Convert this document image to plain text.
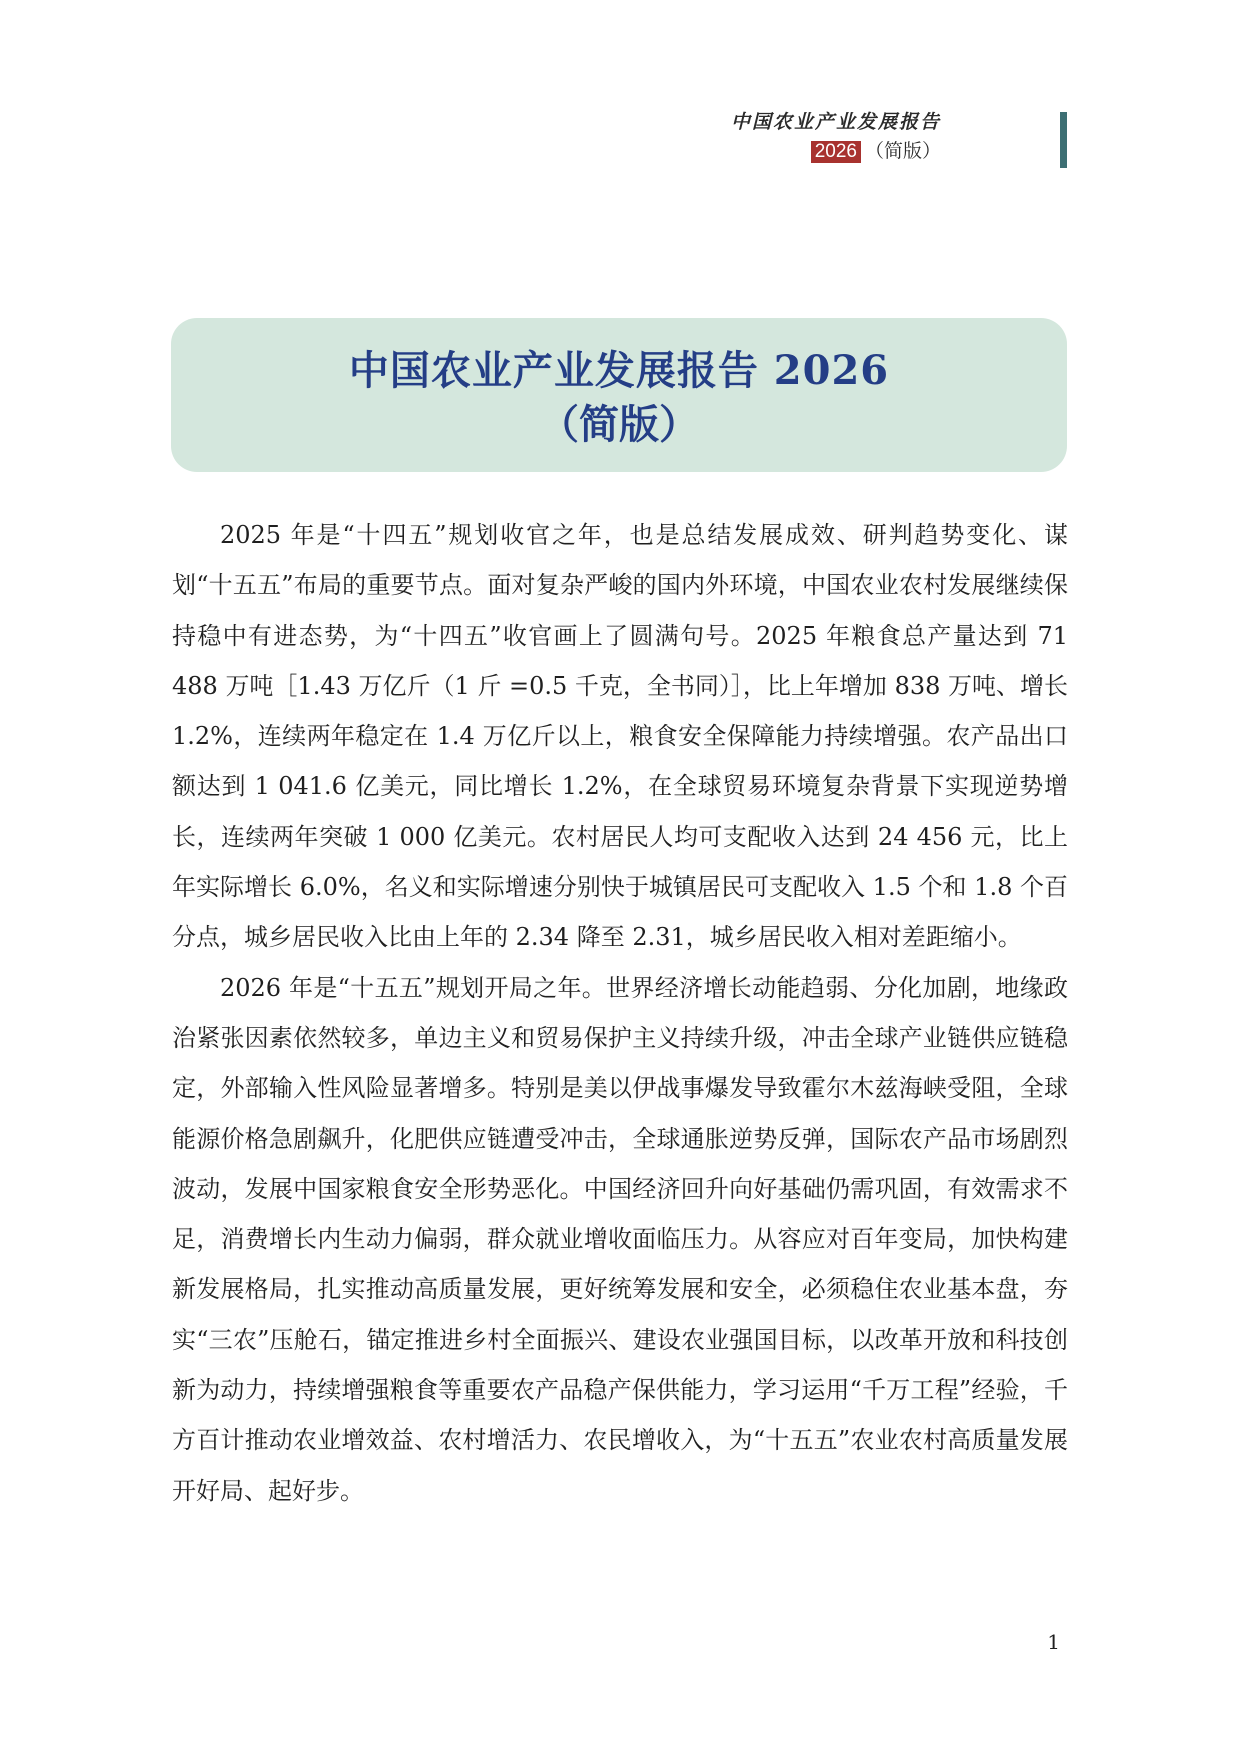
中国农业产业发展报告
2026 （简版）
中国农业产业发展报告 2026
（简版）

2025 年是“十四五”规划收官之年，也是总结发展成效、研判趋势变化、谋划“十五五”布局的重要节点。面对复杂严峻的国内外环境，中国农业农村发展继续保持稳中有进态势，为“十四五”收官画上了圆满句号。2025 年粮食总产量达到 71 488 万吨［1.43 万亿斤（1 斤 =0.5 千克，全书同）］，比上年增加 838 万吨、增长 1.2%，连续两年稳定在 1.4 万亿斤以上，粮食安全保障能力持续增强。农产品出口额达到 1 041.6 亿美元，同比增长 1.2%，在全球贸易环境复杂背景下实现逆势增长，连续两年突破 1 000 亿美元。农村居民人均可支配收入达到 24 456 元，比上年实际增长 6.0%，名义和实际增速分别快于城镇居民可支配收入 1.5 个和 1.8 个百分点，城乡居民收入比由上年的 2.34 降至 2.31，城乡居民收入相对差距缩小。

2026 年是“十五五”规划开局之年。世界经济增长动能趋弱、分化加剧，地缘政治紧张因素依然较多，单边主义和贸易保护主义持续升级，冲击全球产业链供应链稳定，外部输入性风险显著增多。特别是美以伊战事爆发导致霍尔木兹海峡受阻，全球能源价格急剧飙升，化肥供应链遭受冲击，全球通胀逆势反弹，国际农产品市场剧烈波动，发展中国家粮食安全形势恶化。中国经济回升向好基础仍需巩固，有效需求不足，消费增长内生动力偏弱，群众就业增收面临压力。从容应对百年变局，加快构建新发展格局，扎实推动高质量发展，更好统筹发展和安全，必须稳住农业基本盘，夯实“三农”压舱石，锚定推进乡村全面振兴、建设农业强国目标，以改革开放和科技创新为动力，持续增强粮食等重要农产品稳产保供能力，学习运用“千万工程”经验，千方百计推动农业增效益、农村增活力、农民增收入，为“十五五”农业农村高质量发展开好局、起好步。

1
